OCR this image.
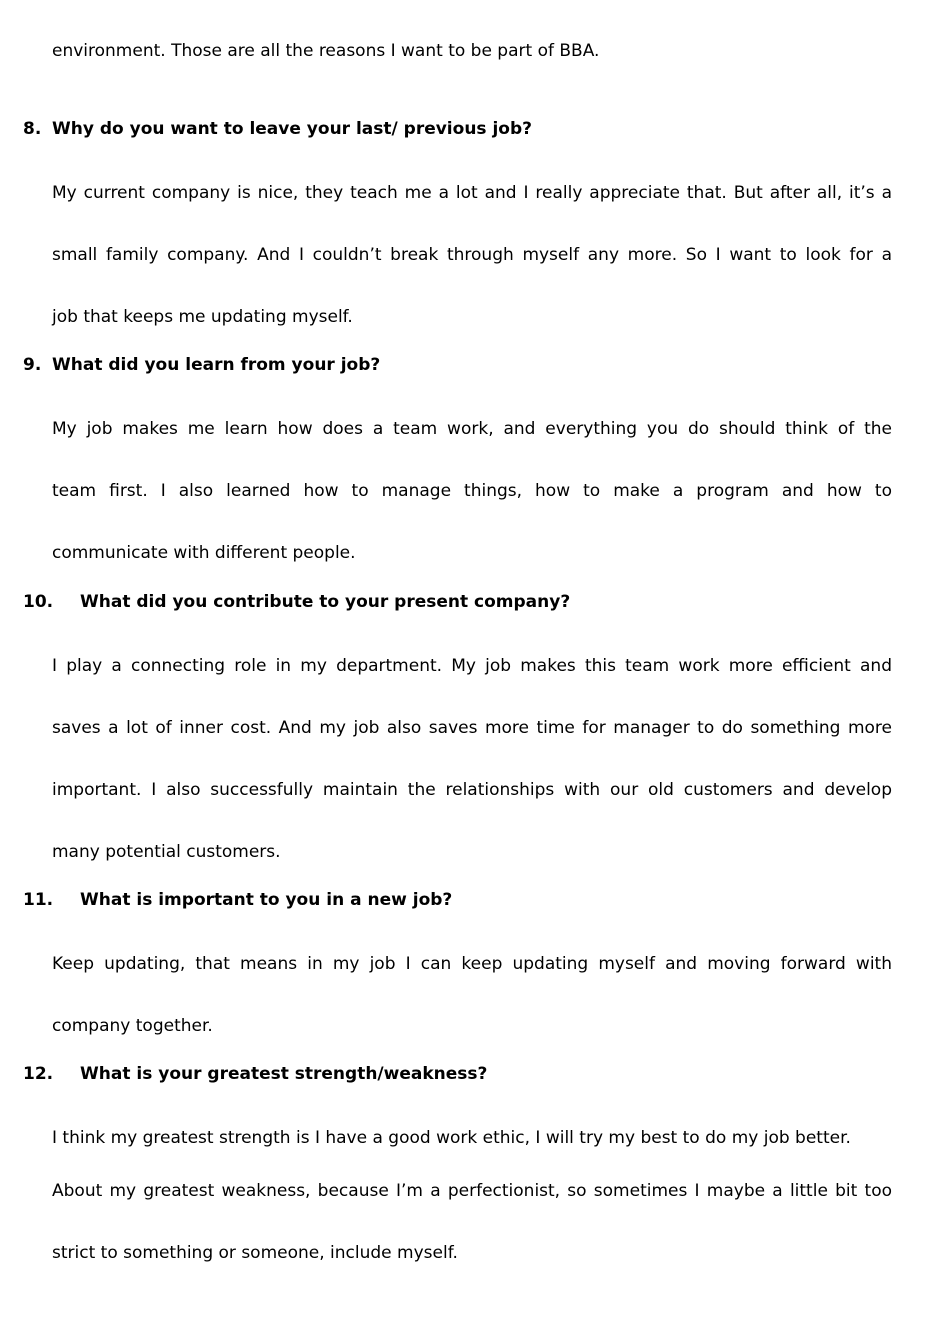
environment. Those are all the reasons I want to be part of BBA.
8. Why do you want to leave your last/ previous job?
My current company is nice, they teach me a lot and I really appreciate that. But after all, it’s a
small family company. And I couldn’t break through myself any more. So I want to look for a
job that keeps me updating myself.
9. What did you learn from your job?
My job makes me learn how does a team work, and everything you do should think of the
team first. I also learned how to manage things, how to make a program and how to
communicate with different people.
10. What did you contribute to your present company?
I play a connecting role in my department. My job makes this team work more efficient and
saves a lot of inner cost. And my job also saves more time for manager to do something more
important. I also successfully maintain the relationships with our old customers and develop
many potential customers.
11. What is important to you in a new job?
Keep updating, that means in my job I can keep updating myself and moving forward with
company together.
12. What is your greatest strength/weakness?
I think my greatest strength is I have a good work ethic, I will try my best to do my job better.
About my greatest weakness, because I’m a perfectionist, so sometimes I maybe a little bit too
strict to something or someone, include myself.
